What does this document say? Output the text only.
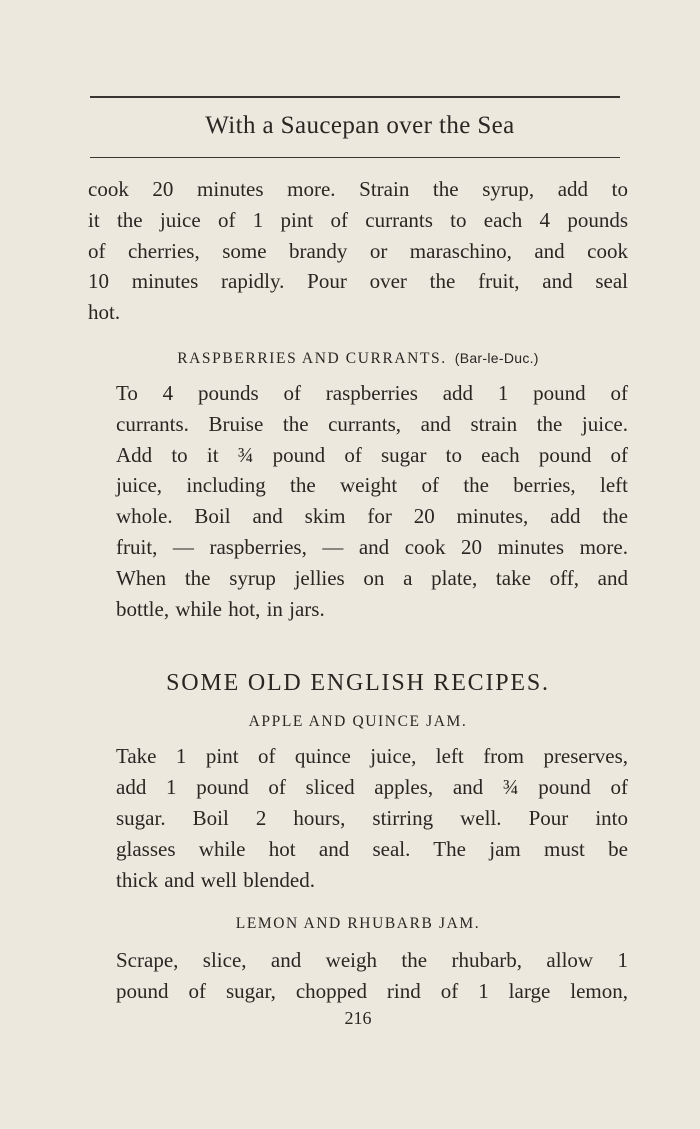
With a Saucepan over the Sea

cook 20 minutes more. Strain the syrup, add to
it the juice of 1 pint of currants to each 4 pounds
of cherries, some brandy or maraschino, and cook
10 minutes rapidly. Pour over the fruit, and seal
hot.

RASPBERRIES AND CURRANTS. (Bar-le-Duc.)

To 4 pounds of raspberries add 1 pound of
currants. Bruise the currants, and strain the juice.
Add to it ¾ pound of sugar to each pound of
juice, including the weight of the berries, left
whole. Boil and skim for 20 minutes, add the
fruit, — raspberries, — and cook 20 minutes more.
When the syrup jellies on a plate, take off, and
bottle, while hot, in jars.

SOME OLD ENGLISH RECIPES.
APPLE AND QUINCE JAM.

Take 1 pint of quince juice, left from preserves,
add 1 pound of sliced apples, and ¾ pound of
sugar. Boil 2 hours, stirring well. Pour into
glasses while hot and seal. The jam must be
thick and well blended.

LEMON AND RHUBARB JAM.

Scrape, slice, and weigh the rhubarb, allow 1
pound of sugar, chopped rind of 1 large lemon,

216
